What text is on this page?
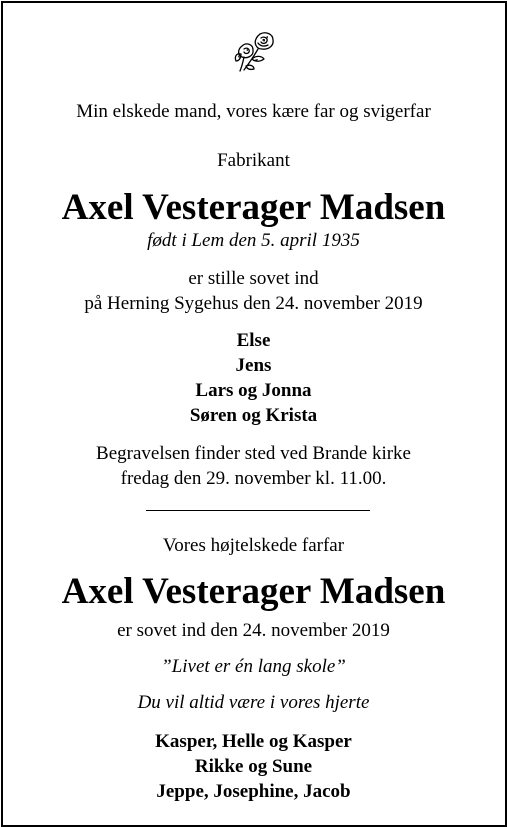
Min elskede mand, vores kære far og svigerfar
Fabrikant
Axel Vesterager Madsen
født i Lem den 5. april 1935
er stille sovet ind
på Herning Sygehus den 24. november 2019
Else
Jens
Lars og Jonna
Søren og Krista
Begravelsen finder sted ved Brande kirke
fredag den 29. november kl. 11.00.
Vores højtelskede farfar
Axel Vesterager Madsen
er sovet ind den 24. november 2019
”Livet er én lang skole”
Du vil altid være i vores hjerte
Kasper, Helle og Kasper
Rikke og Sune
Jeppe, Josephine, Jacob
